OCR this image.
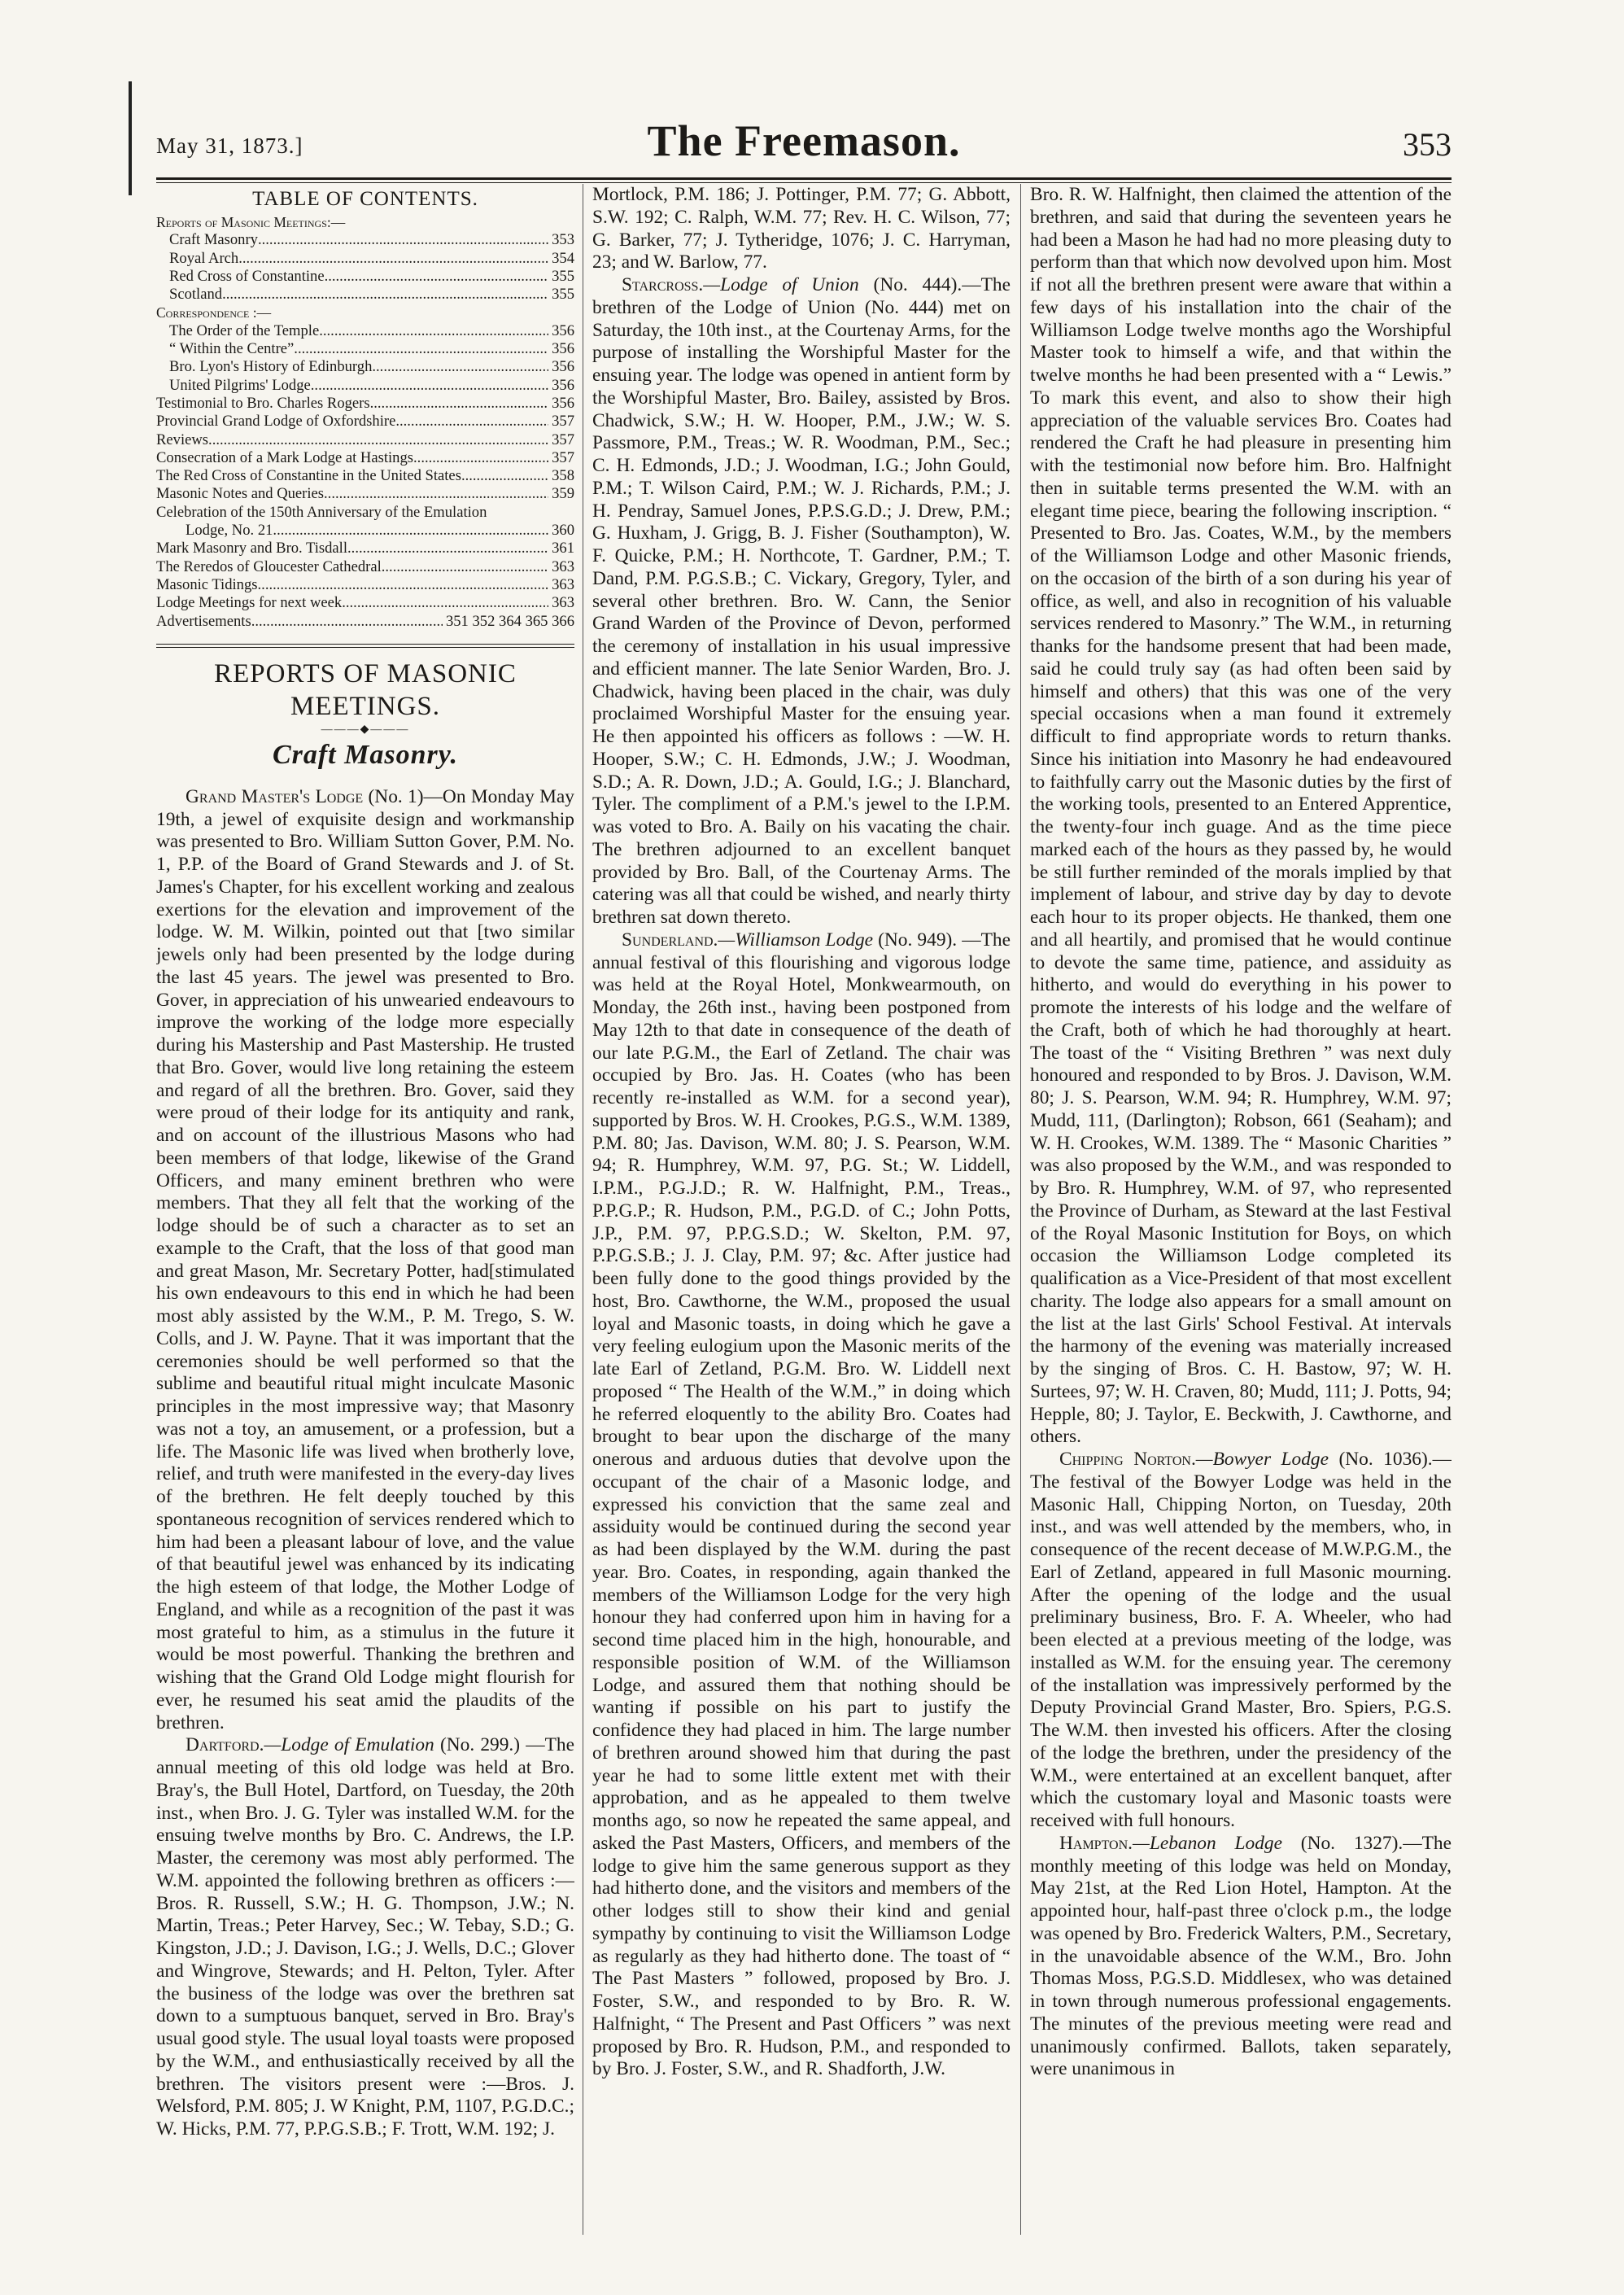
May 31, 1873.]	The Freemason.	353
TABLE OF CONTENTS.
Reports of Masonic Meetings:—
Craft Masonry .....	353
Royal Arch .....	354
Red Cross of Constantine .....	355
Scotland .....	355
Correspondence :—
The Order of the Temple .....	356
“ Within the Centre” .....	356
Bro. Lyon's History of Edinburgh .....	356
United Pilgrims' Lodge .....	356
Testimonial to Bro. Charles Rogers .....	356
Provincial Grand Lodge of Oxfordshire .....	357
Reviews .....	357
Consecration of a Mark Lodge at Hastings .....	357
The Red Cross of Constantine in the United States .....	358
Masonic Notes and Queries .....	359
Celebration of the 150th Anniversary of the Emulation
Lodge, No. 21 .....	360
Mark Masonry and Bro. Tisdall .....	361
The Reredos of Gloucester Cathedral .....	363
Masonic Tidings .....	363
Lodge Meetings for next week .....	363
Advertisements .....	351 352 364 365 366
REPORTS OF MASONIC MEETINGS.
―――◆―――
Craft Masonry.

Grand Master's Lodge (No. 1)—On Monday May 19th, a jewel of exquisite design and workmanship was presented to Bro. William Sutton Gover, P.M. No. 1, P.P. of the Board of Grand Stewards and J. of St. James's Chapter, for his excellent working and zealous exertions for the elevation and improvement of the lodge. W. M. Wilkin, pointed out that [two similar jewels only had been presented by the lodge during the last 45 years. The jewel was presented to Bro. Gover, in appreciation of his unwearied endeavours to improve the working of the lodge more especially during his Mastership and Past Mastership. He trusted that Bro. Gover, would live long retaining the esteem and regard of all the brethren. Bro. Gover, said they were proud of their lodge for its antiquity and rank, and on account of the illustrious Masons who had been members of that lodge, likewise of the Grand Officers, and many eminent brethren who were members. That they all felt that the working of the lodge should be of such a character as to set an example to the Craft, that the loss of that good man and great Mason, Mr. Secretary Potter, had[stimulated his own endeavours to this end in which he had been most ably assisted by the W.M., P. M. Trego, S. W. Colls, and J. W. Payne. That it was important that the ceremonies should be well performed so that the sublime and beautiful ritual might inculcate Masonic principles in the most impressive way; that Masonry was not a toy, an amusement, or a profession, but a life. The Masonic life was lived when brotherly love, relief, and truth were manifested in the every-day lives of the brethren. He felt deeply touched by this spontaneous recognition of services rendered which to him had been a pleasant labour of love, and the value of that beautiful jewel was enhanced by its indicating the high esteem of that lodge, the Mother Lodge of England, and while as a recognition of the past it was most grateful to him, as a stimulus in the future it would be most powerful. Thanking the brethren and wishing that the Grand Old Lodge might flourish for ever, he resumed his seat amid the plaudits of the brethren.

Dartford.—Lodge of Emulation (No. 299.) —The annual meeting of this old lodge was held at Bro. Bray's, the Bull Hotel, Dartford, on Tuesday, the 20th inst., when Bro. J. G. Tyler was installed W.M. for the ensuing twelve months by Bro. C. Andrews, the I.P. Master, the ceremony was most ably performed. The W.M. appointed the following brethren as officers :— Bros. R. Russell, S.W.; H. G. Thompson, J.W.; N. Martin, Treas.; Peter Harvey, Sec.; W. Tebay, S.D.; G. Kingston, J.D.; J. Davison, I.G.; J. Wells, D.C.; Glover and Wingrove, Stewards; and H. Pelton, Tyler. After the business of the lodge was over the brethren sat down to a sumptuous banquet, served in Bro. Bray's usual good style. The usual loyal toasts were proposed by the W.M., and enthusiastically received by all the brethren. The visitors present were :—Bros. J. Welsford, P.M. 805; J. W Knight, P.M, 1107, P.G.D.C.; W. Hicks, P.M. 77, P.P.G.S.B.; F. Trott, W.M. 192; J.

Mortlock, P.M. 186; J. Pottinger, P.M. 77; G. Abbott, S.W. 192; C. Ralph, W.M. 77; Rev. H. C. Wilson, 77; G. Barker, 77; J. Tytheridge, 1076; J. C. Harryman, 23; and W. Barlow, 77.

Starcross.—Lodge of Union (No. 444).—The brethren of the Lodge of Union (No. 444) met on Saturday, the 10th inst., at the Courtenay Arms, for the purpose of installing the Worshipful Master for the ensuing year. The lodge was opened in antient form by the Worshipful Master, Bro. Bailey, assisted by Bros. Chadwick, S.W.; H. W. Hooper, P.M., J.W.; W. S. Passmore, P.M., Treas.; W. R. Woodman, P.M., Sec.; C. H. Edmonds, J.D.; J. Woodman, I.G.; John Gould, P.M.; T. Wilson Caird, P.M.; W. J. Richards, P.M.; J. H. Pendray, Samuel Jones, P.P.S.G.D.; J. Drew, P.M.; G. Huxham, J. Grigg, B. J. Fisher (Southampton), W. F. Quicke, P.M.; H. Northcote, T. Gardner, P.M.; T. Dand, P.M. P.G.S.B.; C. Vickary, Gregory, Tyler, and several other brethren. Bro. W. Cann, the Senior Grand Warden of the Province of Devon, performed the ceremony of installation in his usual impressive and efficient manner. The late Senior Warden, Bro. J. Chadwick, having been placed in the chair, was duly proclaimed Worshipful Master for the ensuing year. He then appointed his officers as follows : —W. H. Hooper, S.W.; C. H. Edmonds, J.W.; J. Woodman, S.D.; A. R. Down, J.D.; A. Gould, I.G.; J. Blanchard, Tyler. The compliment of a P.M.'s jewel to the I.P.M. was voted to Bro. A. Baily on his vacating the chair. The brethren adjourned to an excellent banquet provided by Bro. Ball, of the Courtenay Arms. The catering was all that could be wished, and nearly thirty brethren sat down thereto.

Sunderland.—Williamson Lodge (No. 949). —The annual festival of this flourishing and vigorous lodge was held at the Royal Hotel, Monkwearmouth, on Monday, the 26th inst., having been postponed from May 12th to that date in consequence of the death of our late P.G.M., the Earl of Zetland. The chair was occupied by Bro. Jas. H. Coates (who has been recently re-installed as W.M. for a second year), supported by Bros. W. H. Crookes, P.G.S., W.M. 1389, P.M. 80; Jas. Davison, W.M. 80; J. S. Pearson, W.M. 94; R. Humphrey, W.M. 97, P.G. St.; W. Liddell, I.P.M., P.G.J.D.; R. W. Halfnight, P.M., Treas., P.P.G.P.; R. Hudson, P.M., P.G.D. of C.; John Potts, J.P., P.M. 97, P.P.G.S.D.; W. Skelton, P.M. 97, P.P.G.S.B.; J. J. Clay, P.M. 97; &c. After justice had been fully done to the good things provided by the host, Bro. Cawthorne, the W.M., proposed the usual loyal and Masonic toasts, in doing which he gave a very feeling eulogium upon the Masonic merits of the late Earl of Zetland, P.G.M. Bro. W. Liddell next proposed “ The Health of the W.M.,” in doing which he referred eloquently to the ability Bro. Coates had brought to bear upon the discharge of the many onerous and arduous duties that devolve upon the occupant of the chair of a Masonic lodge, and expressed his conviction that the same zeal and assiduity would be continued during the second year as had been displayed by the W.M. during the past year. Bro. Coates, in responding, again thanked the members of the Williamson Lodge for the very high honour they had conferred upon him in having for a second time placed him in the high, honourable, and responsible position of W.M. of the Williamson Lodge, and assured them that nothing should be wanting if possible on his part to justify the confidence they had placed in him. The large number of brethren around showed him that during the past year he had to some little extent met with their approbation, and as he appealed to them twelve months ago, so now he repeated the same appeal, and asked the Past Masters, Officers, and members of the lodge to give him the same generous support as they had hitherto done, and the visitors and members of the other lodges still to show their kind and genial sympathy by continuing to visit the Williamson Lodge as regularly as they had hitherto done. The toast of “ The Past Masters ” followed, proposed by Bro. J. Foster, S.W., and responded to by Bro. R. W. Halfnight, “ The Present and Past Officers ” was next proposed by Bro. R. Hudson, P.M., and responded to by Bro. J. Foster, S.W., and R. Shadforth, J.W.

Bro. R. W. Halfnight, then claimed the attention of the brethren, and said that during the seventeen years he had been a Mason he had had no more pleasing duty to perform than that which now devolved upon him. Most if not all the brethren present were aware that within a few days of his installation into the chair of the Williamson Lodge twelve months ago the Worshipful Master took to himself a wife, and that within the twelve months he had been presented with a “ Lewis.” To mark this event, and also to show their high appreciation of the valuable services Bro. Coates had rendered the Craft he had pleasure in presenting him with the testimonial now before him. Bro. Halfnight then in suitable terms presented the W.M. with an elegant time piece, bearing the following inscription. “ Presented to Bro. Jas. Coates, W.M., by the members of the Williamson Lodge and other Masonic friends, on the occasion of the birth of a son during his year of office, as well, and also in recognition of his valuable services rendered to Masonry.” The W.M., in returning thanks for the handsome present that had been made, said he could truly say (as had often been said by himself and others) that this was one of the very special occasions when a man found it extremely difficult to find appropriate words to return thanks. Since his initiation into Masonry he had endeavoured to faithfully carry out the Masonic duties by the first of the working tools, presented to an Entered Apprentice, the twenty-four inch guage. And as the time piece marked each of the hours as they passed by, he would be still further reminded of the morals implied by that implement of labour, and strive day by day to devote each hour to its proper objects. He thanked, them one and all heartily, and promised that he would continue to devote the same time, patience, and assiduity as hitherto, and would do everything in his power to promote the interests of his lodge and the welfare of the Craft, both of which he had thoroughly at heart. The toast of the “ Visiting Brethren ” was next duly honoured and responded to by Bros. J. Davison, W.M. 80; J. S. Pearson, W.M. 94; R. Humphrey, W.M. 97; Mudd, 111, (Darlington); Robson, 661 (Seaham); and W. H. Crookes, W.M. 1389. The “ Masonic Charities ” was also proposed by the W.M., and was responded to by Bro. R. Humphrey, W.M. of 97, who represented the Province of Durham, as Steward at the last Festival of the Royal Masonic Institution for Boys, on which occasion the Williamson Lodge completed its qualification as a Vice-President of that most excellent charity. The lodge also appears for a small amount on the list at the last Girls' School Festival. At intervals the harmony of the evening was materially increased by the singing of Bros. C. H. Bastow, 97; W. H. Surtees, 97; W. H. Craven, 80; Mudd, 111; J. Potts, 94; Hepple, 80; J. Taylor, E. Beckwith, J. Cawthorne, and others.

Chipping Norton.—Bowyer Lodge (No. 1036).—The festival of the Bowyer Lodge was held in the Masonic Hall, Chipping Norton, on Tuesday, 20th inst., and was well attended by the members, who, in consequence of the recent decease of M.W.P.G.M., the Earl of Zetland, appeared in full Masonic mourning. After the opening of the lodge and the usual preliminary business, Bro. F. A. Wheeler, who had been elected at a previous meeting of the lodge, was installed as W.M. for the ensuing year. The ceremony of the installation was impressively performed by the Deputy Provincial Grand Master, Bro. Spiers, P.G.S. The W.M. then invested his officers. After the closing of the lodge the brethren, under the presidency of the W.M., were entertained at an excellent banquet, after which the customary loyal and Masonic toasts were received with full honours.

Hampton.—Lebanon Lodge (No. 1327).—The monthly meeting of this lodge was held on Monday, May 21st, at the Red Lion Hotel, Hampton. At the appointed hour, half-past three o'clock p.m., the lodge was opened by Bro. Frederick Walters, P.M., Secretary, in the unavoidable absence of the W.M., Bro. John Thomas Moss, P.G.S.D. Middlesex, who was detained in town through numerous professional engagements. The minutes of the previous meeting were read and unanimously confirmed. Ballots, taken separately, were unanimous in
